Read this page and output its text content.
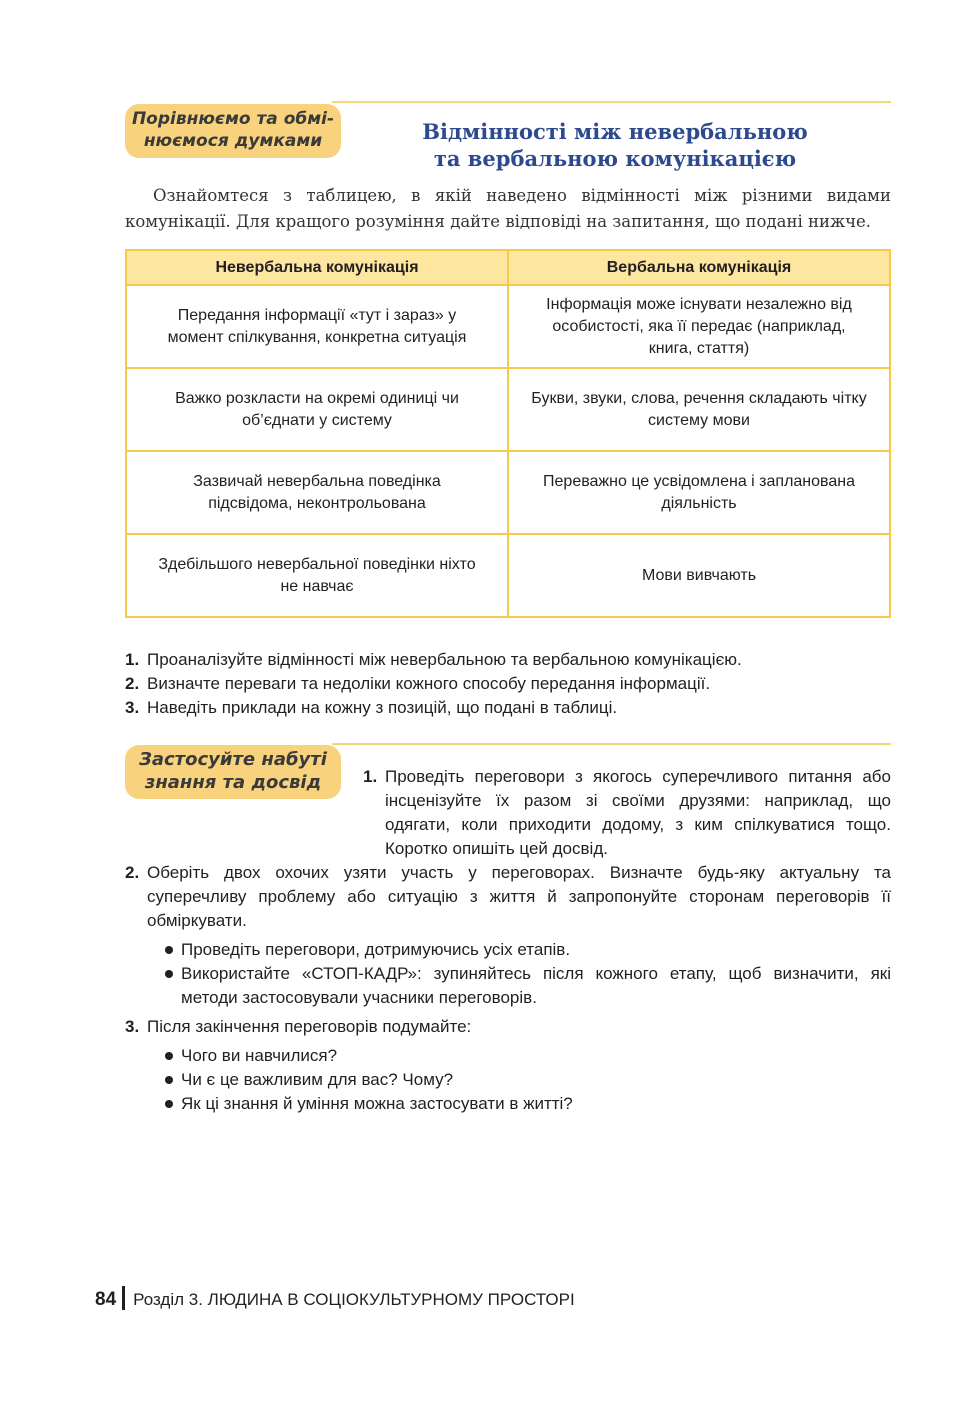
Порівнюємо та обмі-
нюємося думками	Відмінності між невербальною
та вербальною комунікацією
Ознайомтеся з таблицею, в якій наведено відмінності між різними видами комунікації. Для кращого розуміння дайте відповіді на запитання, що подані нижче.
Невербальна комунікація	Вербальна комунікація
Передання інформації «тут і зараз» у момент спілкування, конкретна ситуація	Інформація може існувати незалежно від особистості, яка її передає (наприклад, книга, стаття)
Важко розкласти на окремі одиниці чи об’єднати у систему	Букви, звуки, слова, речення складають чітку систему мови
Зазвичай невербальна поведінка підсвідома, неконтрольована	Переважно це усвідомлена і запланована діяльність
Здебільшого невербальної поведінки ніхто не навчає	Мови вивчають
1. Проаналізуйте відмінності між невербальною та вербальною комунікацією.
2. Визначте переваги та недоліки кожного способу передання інформації.
3. Наведіть приклади на кожну з позицій, що подані в таблиці.
Застосуйте набуті
знання та досвід	1. Проведіть переговори з якогось суперечливого питання або інсценізуйте їх разом зі своїми друзями: наприклад, що одягати, коли приходити додому, з ким спілкуватися тощо. Коротко опишіть цей досвід.
2. Оберіть двох охочих узяти участь у переговорах. Визначте будь-яку актуальну та суперечливу проблему або ситуацію з життя й запропонуйте сторонам переговорів її обміркувати.
Проведіть переговори, дотримуючись усіх етапів.
Використайте «СТОП-КАДР»: зупиняйтесь після кожного етапу, щоб визначити, які методи застосовували учасники переговорів.
3. Після закінчення переговорів подумайте:
Чого ви навчилися?
Чи є це важливим для вас? Чому?
Як ці знання й уміння можна застосувати в житті?
84 Розділ 3. ЛЮДИНА В СОЦІОКУЛЬТУРНОМУ ПРОСТОРІ
